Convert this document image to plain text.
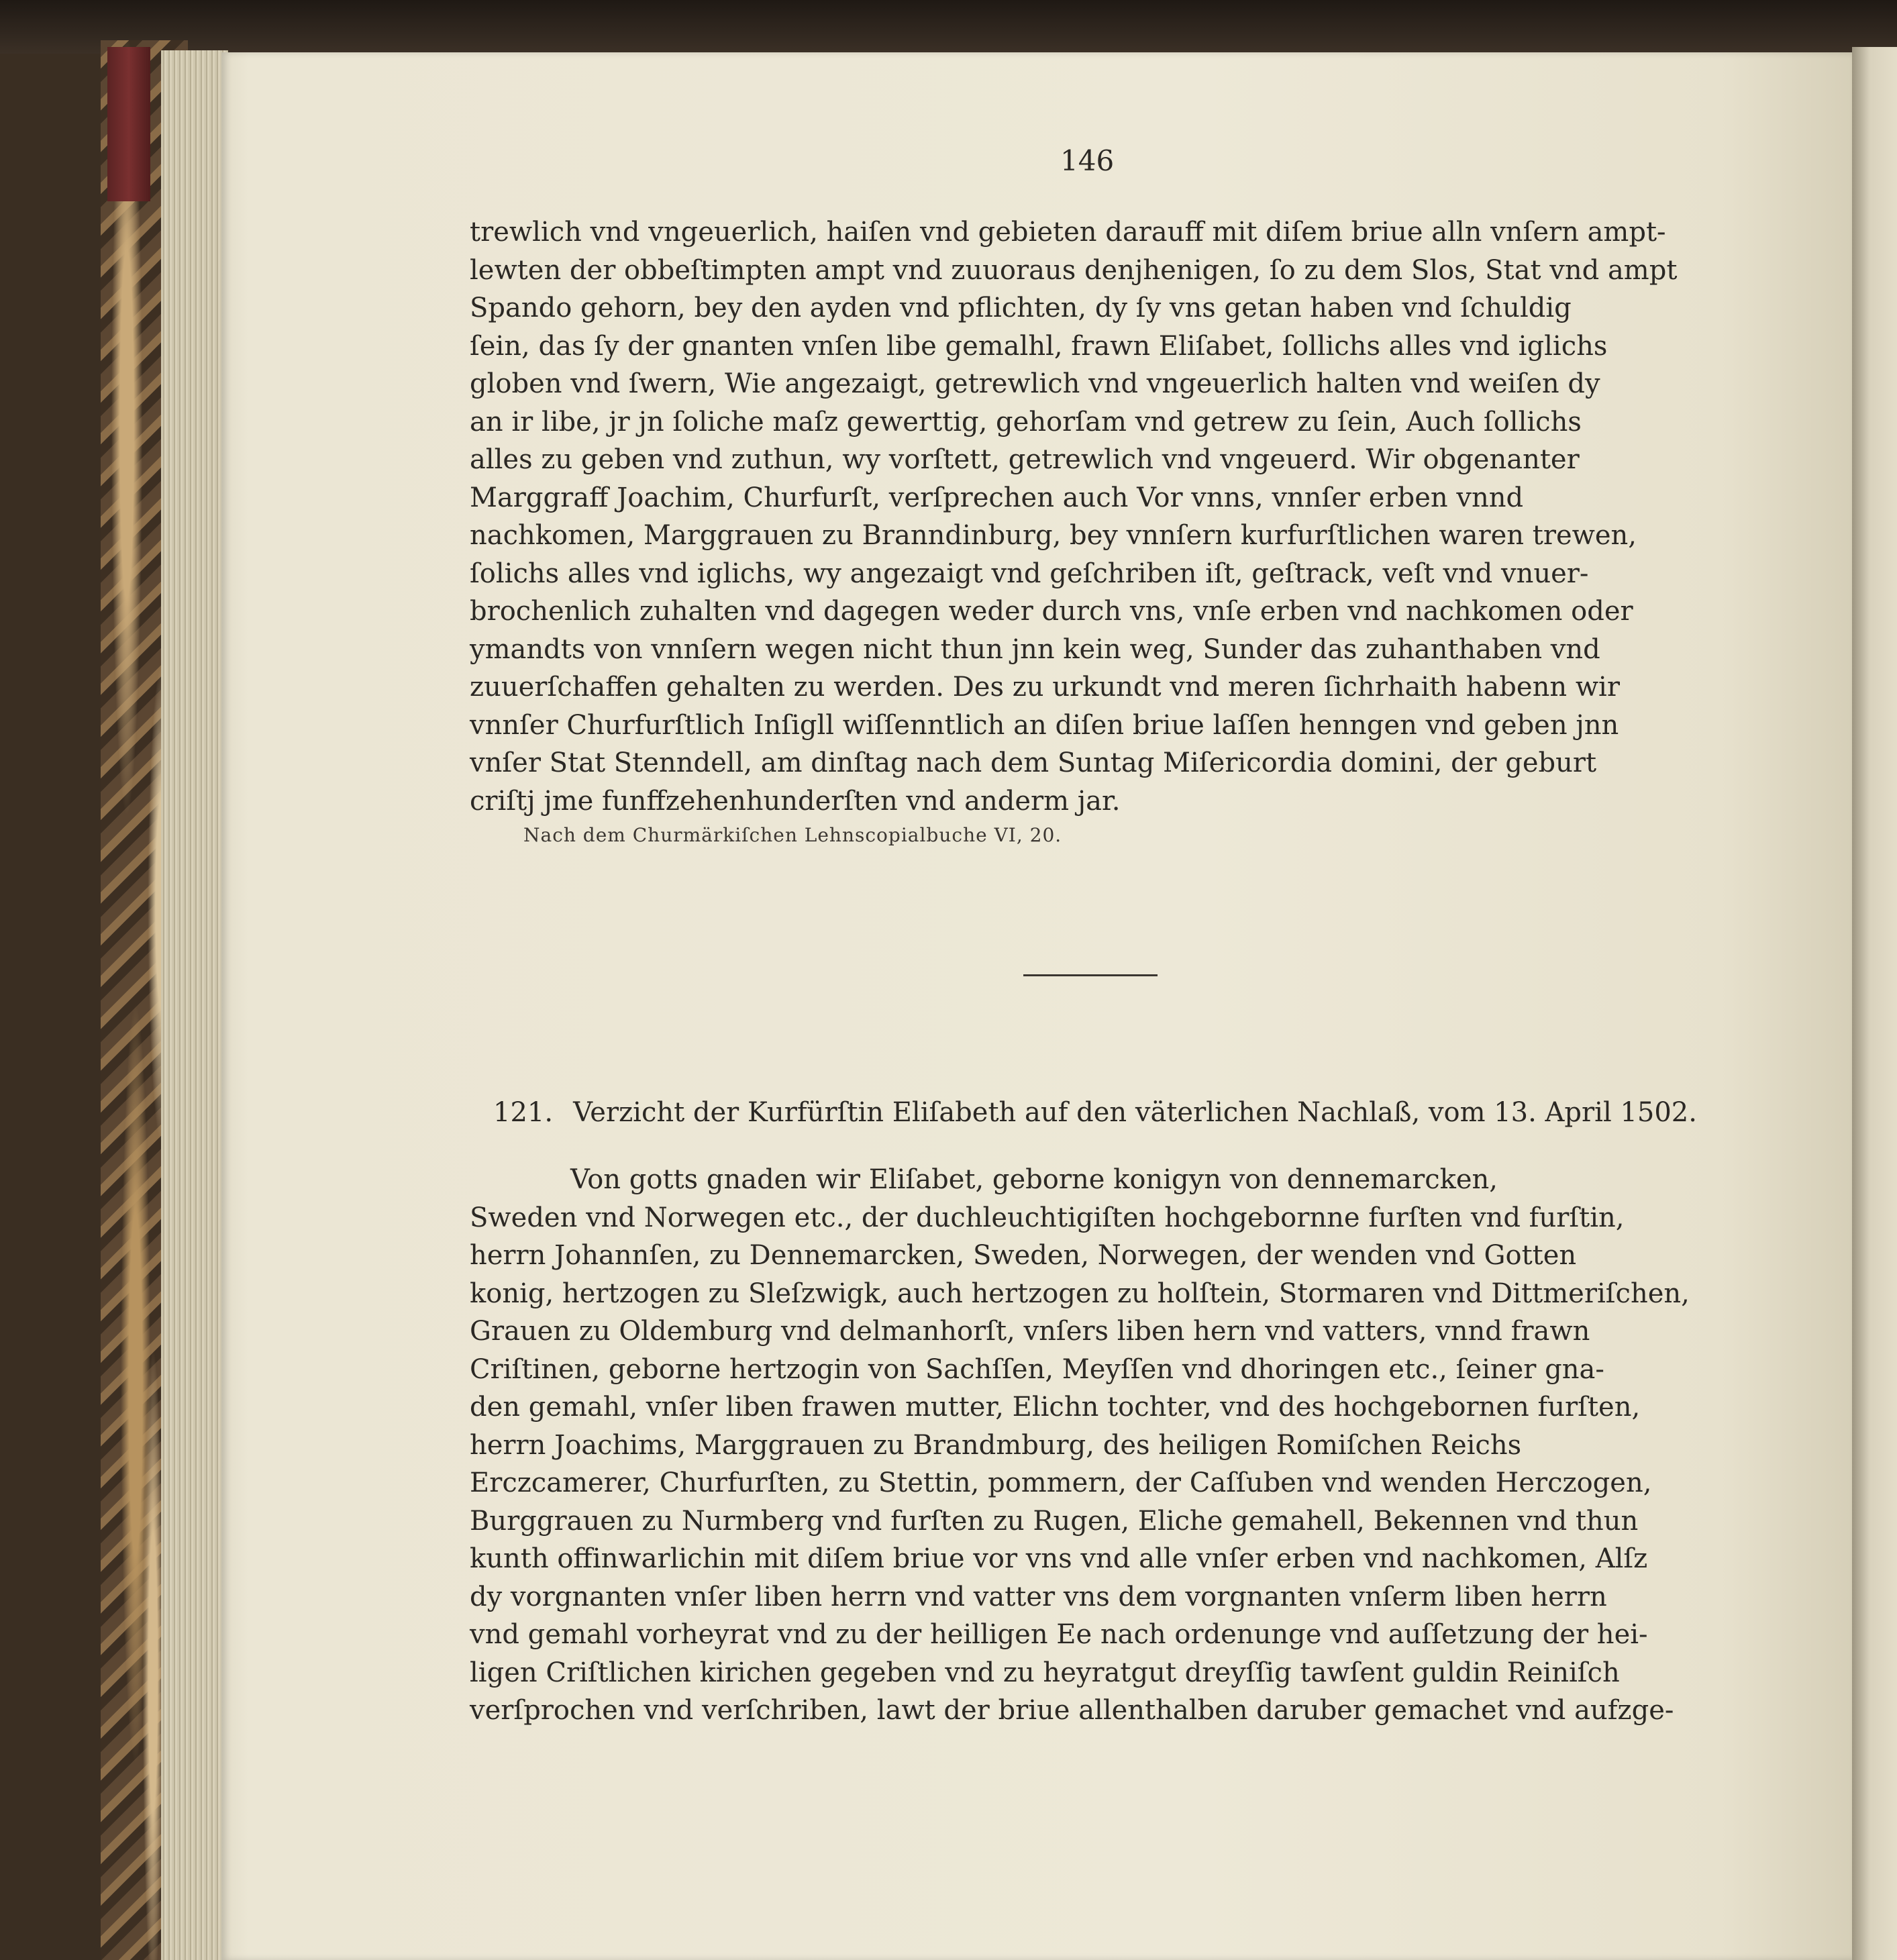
146

trewlich vnd vngeuerlich, haiſen vnd gebieten darauff mit diſem briue alln vnſern ampt-

lewten der obbeſtimpten ampt vnd zuuoraus denjhenigen, ſo zu dem Slos, Stat vnd ampt

Spando gehorn, bey den ayden vnd pflichten, dy ſy vns getan haben vnd ſchuldig

ſein, das ſy der gnanten vnſen libe gemalhl, frawn Eliſabet, ſollichs alles vnd iglichs

globen vnd ſwern, Wie angezaigt, getrewlich vnd vngeuerlich halten vnd weiſen dy

an ir libe, jr jn ſoliche maſz gewerttig, gehorſam vnd getrew zu ſein, Auch ſollichs

alles zu geben vnd zuthun, wy vorſtett, getrewlich vnd vngeuerd. Wir obgenanter

Marggraff Joachim, Churfurſt, verſprechen auch Vor vnns, vnnſer erben vnnd

nachkomen, Marggrauen zu Branndinburg, bey vnnſern kurfurſtlichen waren trewen,

ſolichs alles vnd iglichs, wy angezaigt vnd geſchriben iſt, geſtrack, veſt vnd vnuer-

brochenlich zuhalten vnd dagegen weder durch vns, vnſe erben vnd nachkomen oder

ymandts von vnnſern wegen nicht thun jnn kein weg, Sunder das zuhanthaben vnd

zuuerſchaffen gehalten zu werden. Des zu urkundt vnd meren ſichrhaith habenn wir

vnnſer Churfurſtlich Inſigll wiſſenntlich an diſen briue laſſen henngen vnd geben jnn

vnſer Stat Stenndell, am dinſtag nach dem Suntag Miſericordia domini, der geburt

criſtj jme funffzehenhunderſten vnd anderm jar.

Nach dem Churmärkiſchen Lehnscopialbuche VI, 20.
121. Verzicht der Kurfürſtin Eliſabeth auf den väterlichen Nachlaß, vom 13. April 1502.

Von gotts gnaden wir Eliſabet, geborne konigyn von dennemarcken,

Sweden vnd Norwegen etc., der duchleuchtigiſten hochgebornne furſten vnd furſtin,

herrn Johannſen, zu Dennemarcken, Sweden, Norwegen, der wenden vnd Gotten

konig, hertzogen zu Sleſzwigk, auch hertzogen zu holſtein, Stormaren vnd Dittmeriſchen,

Grauen zu Oldemburg vnd delmanhorſt, vnſers liben hern vnd vatters, vnnd frawn

Criſtinen, geborne hertzogin von Sachſſen, Meyſſen vnd dhoringen etc., ſeiner gna-

den gemahl, vnſer liben frawen mutter, Elichn tochter, vnd des hochgebornen furſten,

herrn Joachims, Marggrauen zu Brandmburg, des heiligen Romiſchen Reichs

Erczcamerer, Churfurſten, zu Stettin, pommern, der Caſſuben vnd wenden Herczogen,

Burggrauen zu Nurmberg vnd furſten zu Rugen, Eliche gemahell, Bekennen vnd thun

kunth offinwarlichin mit diſem briue vor vns vnd alle vnſer erben vnd nachkomen, Alſz

dy vorgnanten vnſer liben herrn vnd vatter vns dem vorgnanten vnſerm liben herrn

vnd gemahl vorheyrat vnd zu der heilligen Ee nach ordenunge vnd auſſetzung der hei-

ligen Criſtlichen kirichen gegeben vnd zu heyratgut dreyſſig tawſent guldin Reiniſch

verſprochen vnd verſchriben, lawt der briue allenthalben daruber gemachet vnd aufzge-
